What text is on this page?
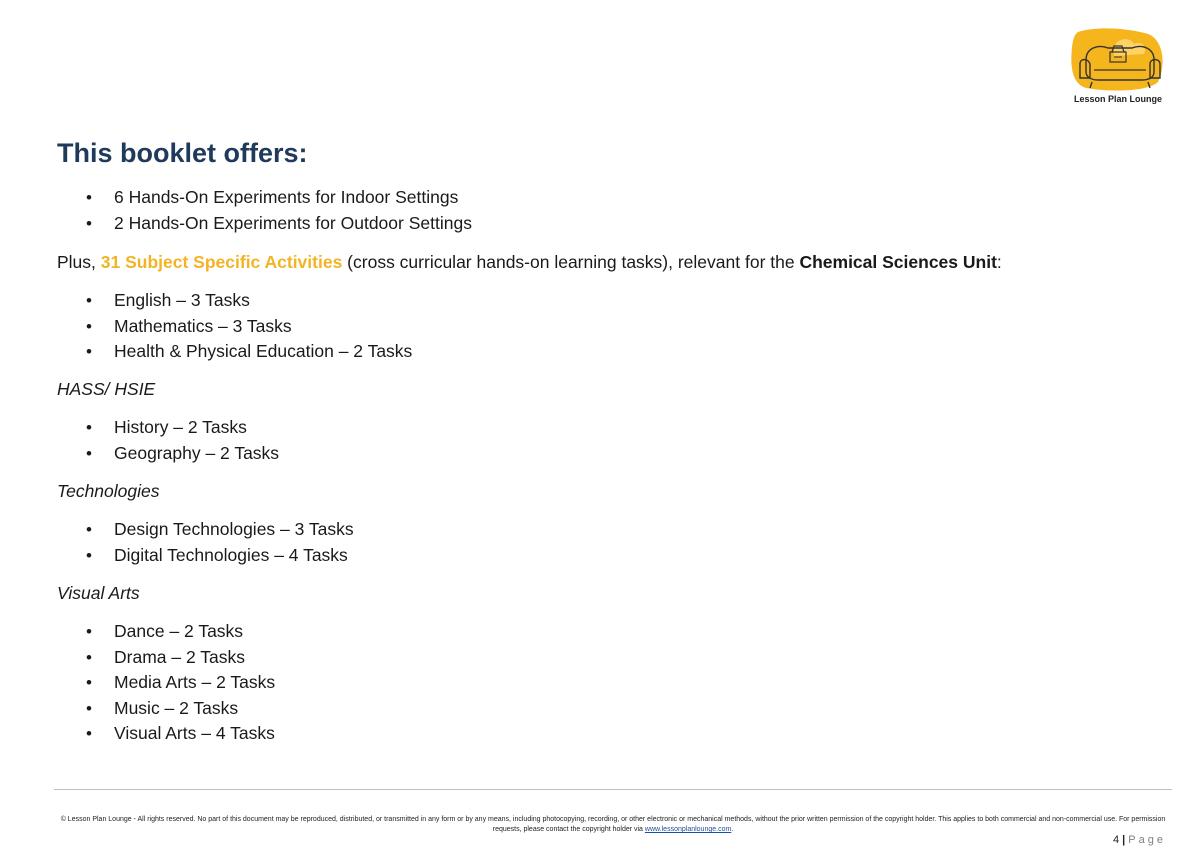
Lesson Plan Lounge
This booklet offers:
• 6 Hands-On Experiments for Indoor Settings
• 2 Hands-On Experiments for Outdoor Settings

Plus, 31 Subject Specific Activities (cross curricular hands-on learning tasks), relevant for the Chemical Sciences Unit:

• English – 3 Tasks
• Mathematics – 3 Tasks
• Health & Physical Education – 2 Tasks

HASS/ HSIE

• History – 2 Tasks
• Geography – 2 Tasks

Technologies

• Design Technologies – 3 Tasks
• Digital Technologies – 4 Tasks

Visual Arts

• Dance – 2 Tasks
• Drama – 2 Tasks
• Media Arts – 2 Tasks
• Music – 2 Tasks
• Visual Arts – 4 Tasks
© Lesson Plan Lounge - All rights reserved. No part of this document may be reproduced, distributed, or transmitted in any form or by any means, including photocopying, recording, or other electronic or mechanical methods, without the prior written permission of the copyright holder. This applies to both commercial and non-commercial use. For permission requests, please contact the copyright holder via www.lessonplanlounge.com.
4 | Page
